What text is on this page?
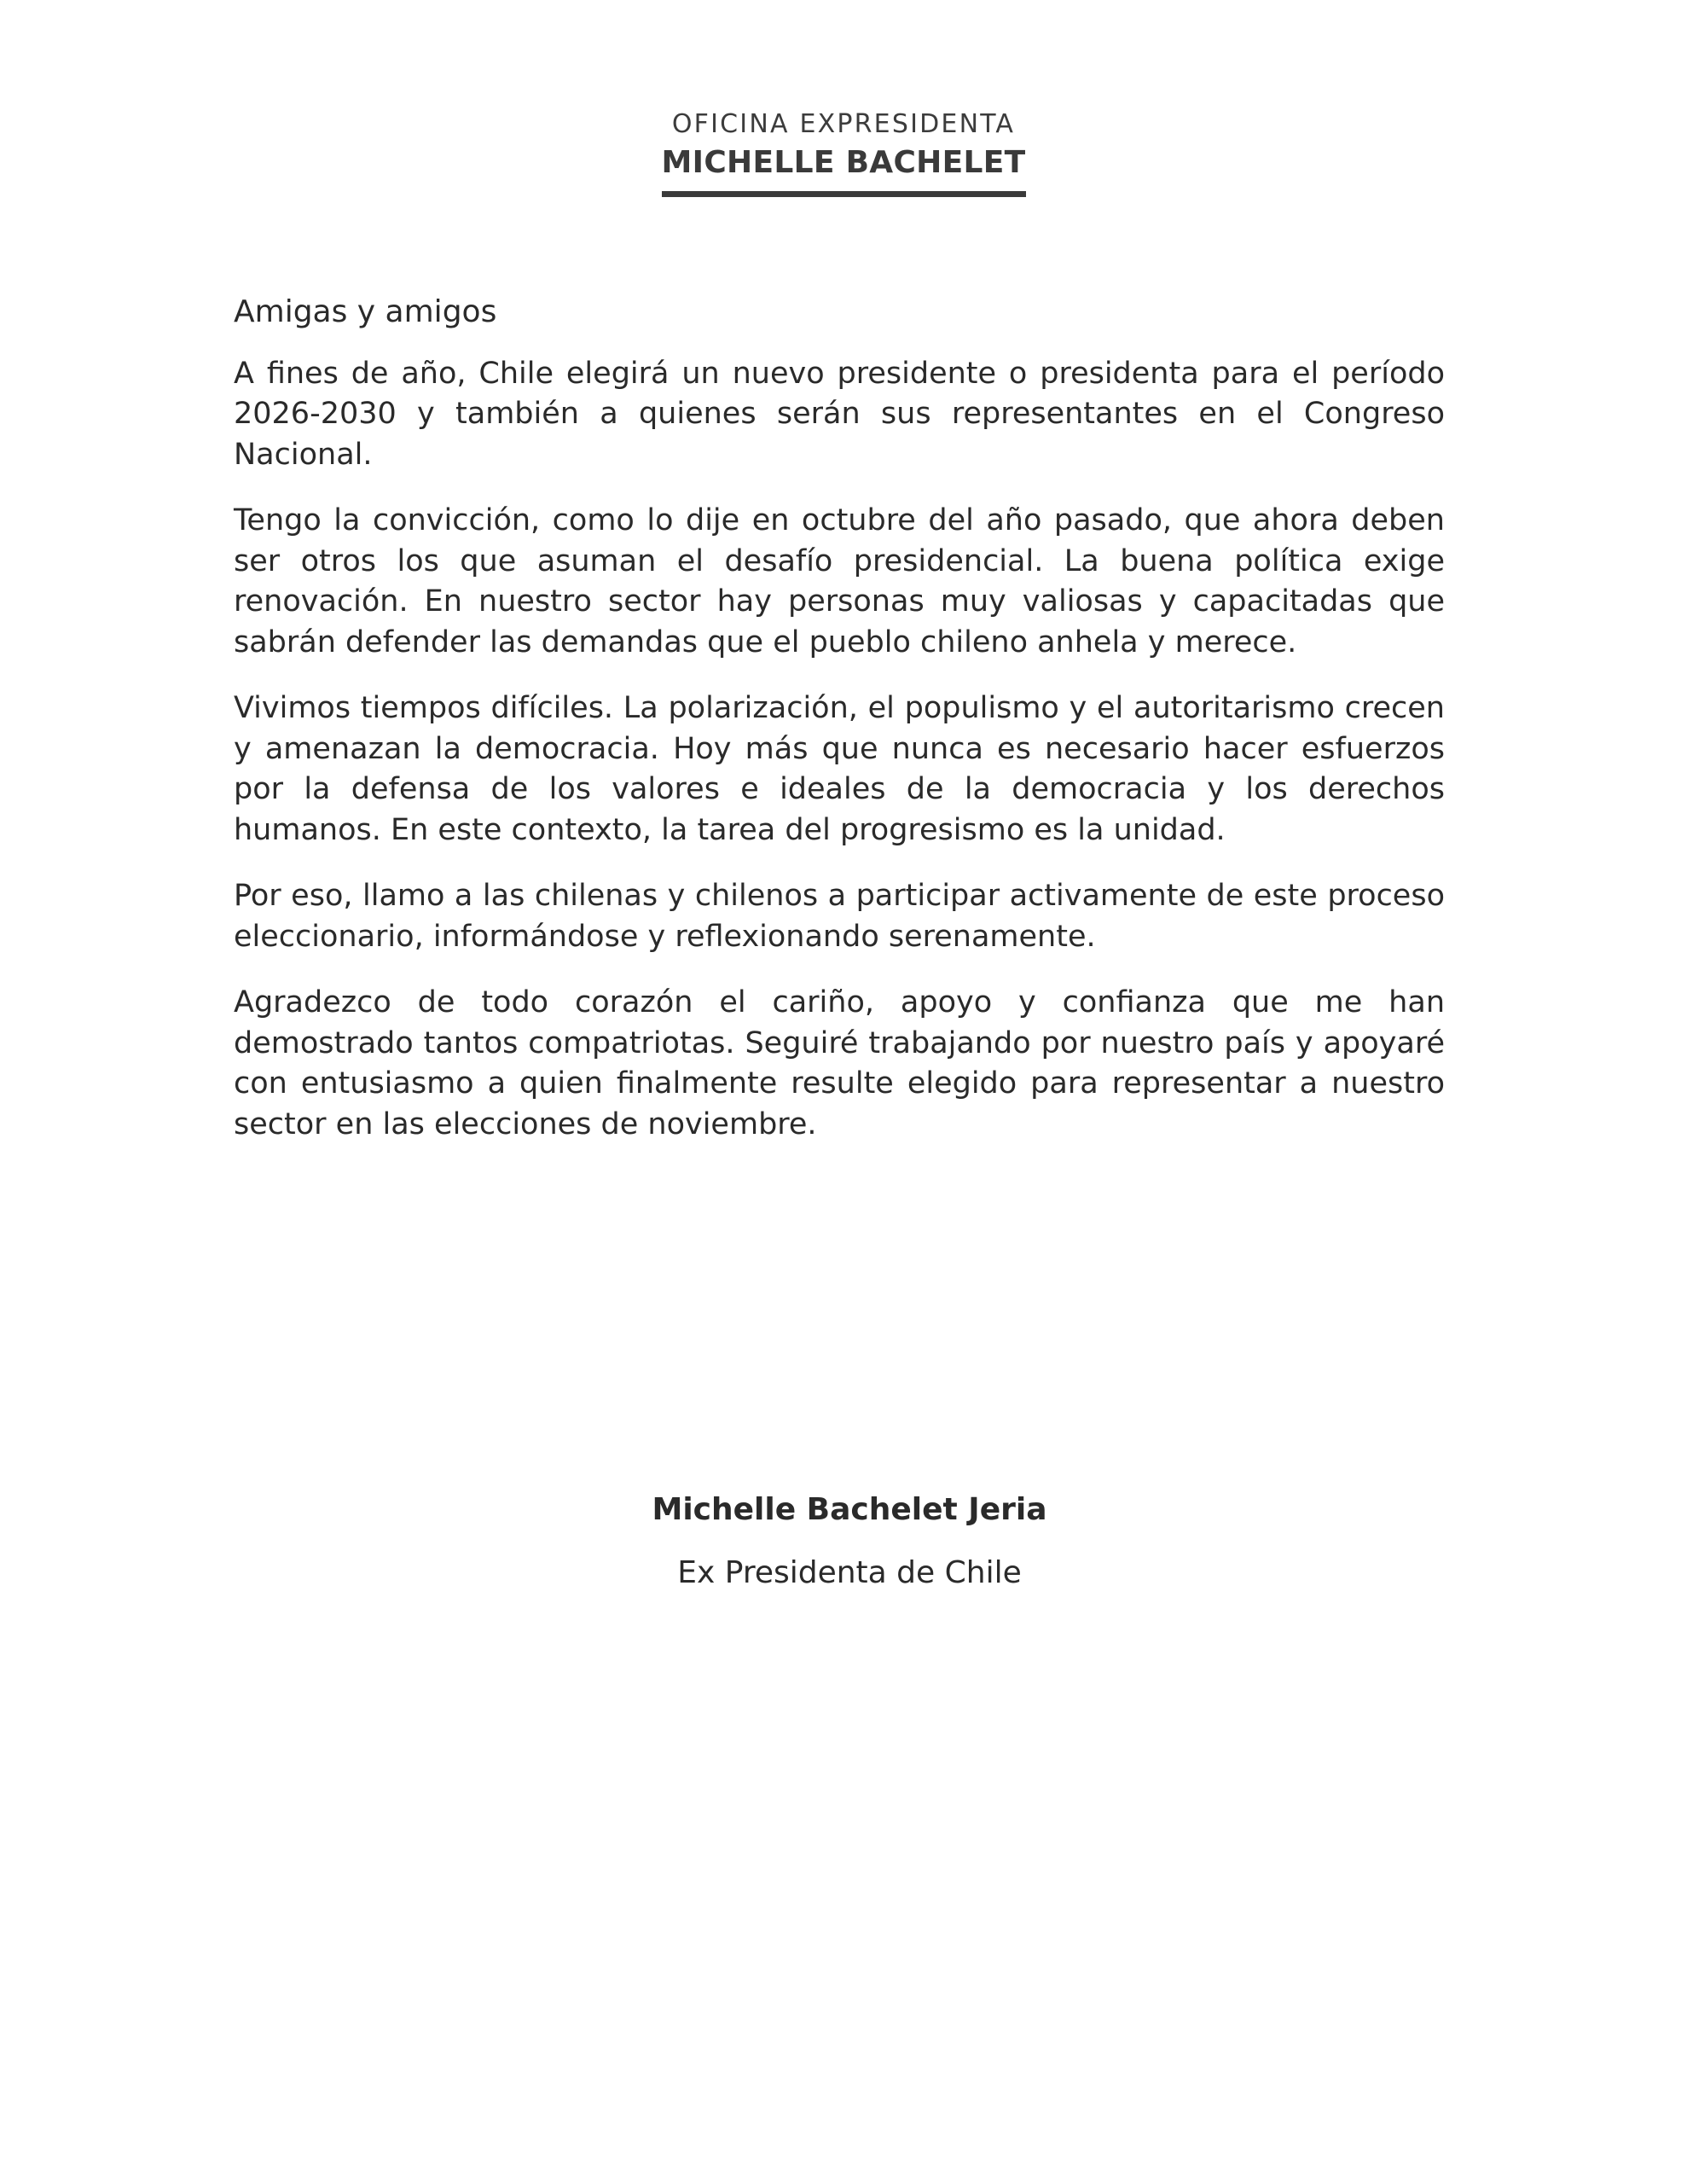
OFICINA EXPRESIDENTA
MICHELLE BACHELET

Amigas y amigos

A fines de año, Chile elegirá un nuevo presidente o presidenta para el período 2026-2030 y también a quienes serán sus representantes en el Congreso Nacional.

Tengo la convicción, como lo dije en octubre del año pasado, que ahora deben ser otros los que asuman el desafío presidencial. La buena política exige renovación. En nuestro sector hay personas muy valiosas y capacitadas que sabrán defender las demandas que el pueblo chileno anhela y merece.

Vivimos tiempos difíciles. La polarización, el populismo y el autoritarismo crecen y amenazan la democracia. Hoy más que nunca es necesario hacer esfuerzos por la defensa de los valores e ideales de la democracia y los derechos humanos. En este contexto, la tarea del progresismo es la unidad.

Por eso, llamo a las chilenas y chilenos a participar activamente de este proceso eleccionario, informándose y reflexionando serenamente.

Agradezco de todo corazón el cariño, apoyo y confianza que me han demostrado tantos compatriotas. Seguiré trabajando por nuestro país y apoyaré con entusiasmo a quien finalmente resulte elegido para representar a nuestro sector en las elecciones de noviembre.

Michelle Bachelet Jeria
Ex Presidenta de Chile
